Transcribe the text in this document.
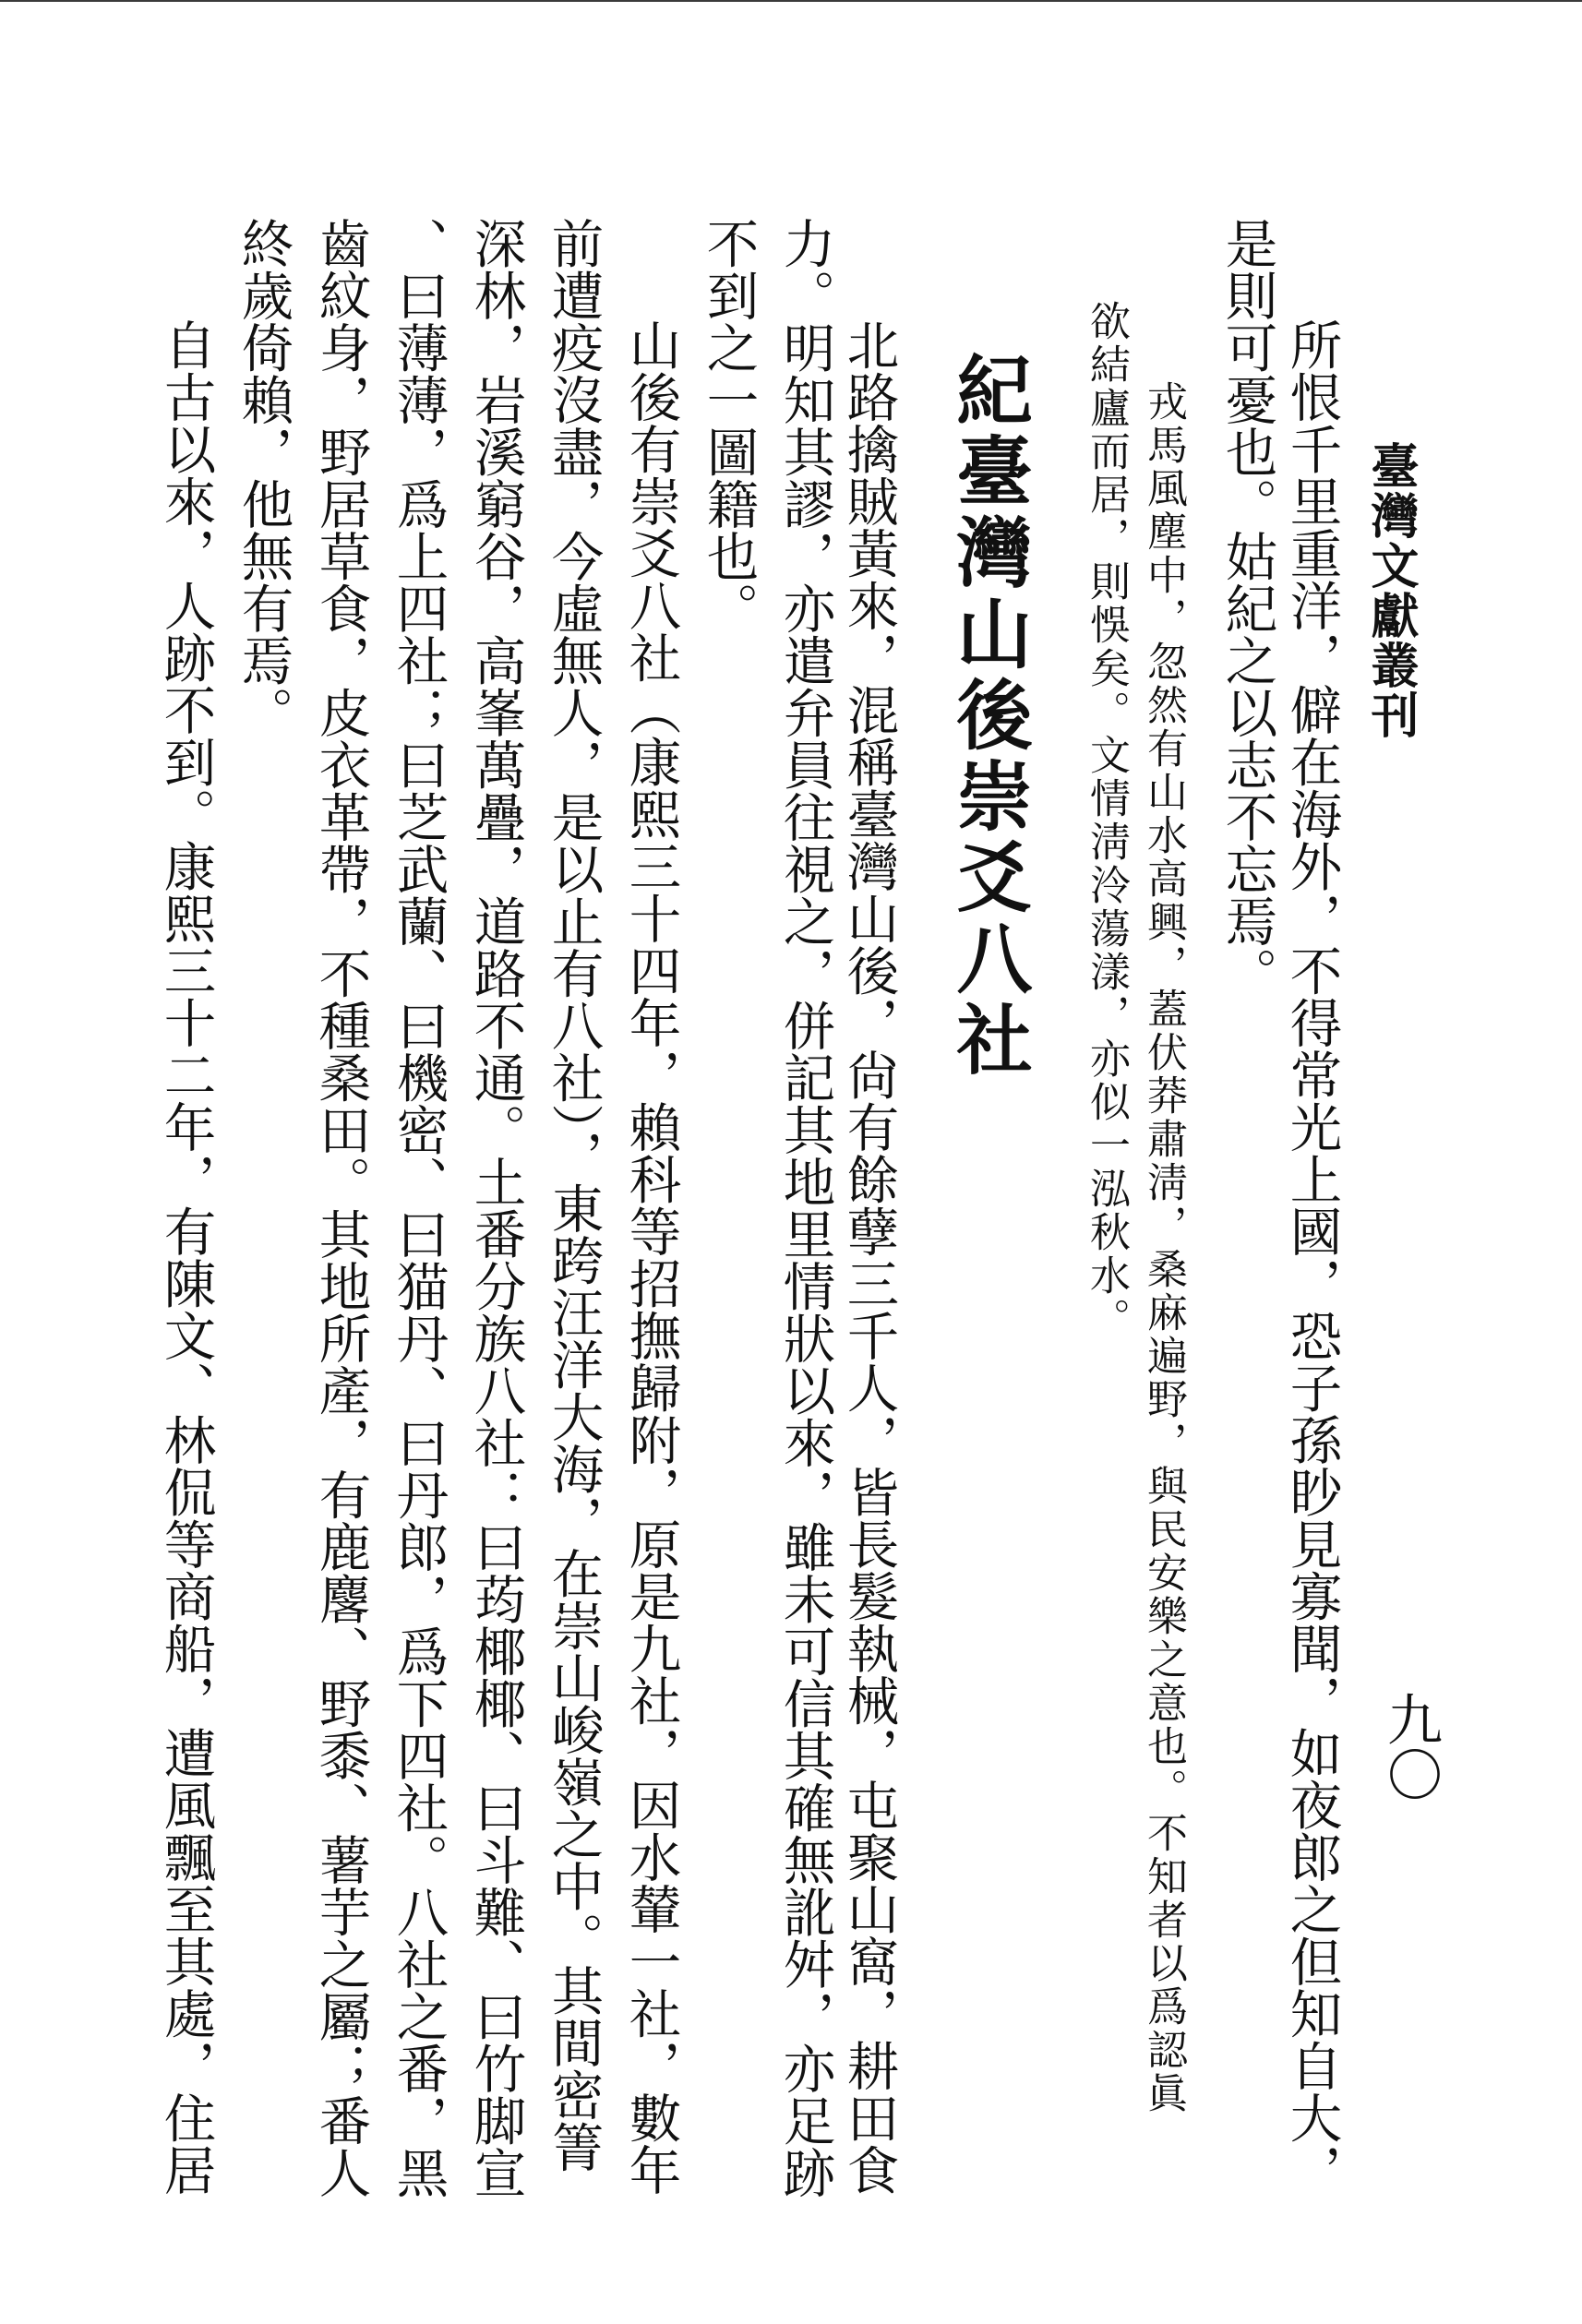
臺灣文獻叢刊
九〇
所恨千里重洋，僻在海外，不得常光上國，恐子孫眇見寡聞，如夜郎之但知自大，
是則可憂也。姑紀之以志不忘焉。
戎馬風塵中，忽然有山水高興，蓋伏莽肅淸，桑麻遍野，與民安樂之意也。不知者以爲認眞
欲結廬而居，則悞矣。文情淸泠蕩漾，亦似一泓秋水。
紀臺灣山後崇爻八社
北路擒賊黃來，混稱臺灣山後，尙有餘孽三千人，皆長髮執械，屯聚山窩，耕田食
力。明知其謬，亦遣弁員往視之，併記其地里情狀以來，雖未可信其確無訛舛，亦足跡
不到之一圖籍也。
山後有崇爻八社（康熙三十四年，賴科等招撫歸附，原是九社，因水輦一社，數年
前遭疫沒盡，今虛無人，是以止有八社），東跨汪洋大海，在崇山峻嶺之中。其間密箐
深林，岩溪窮谷，高峯萬疊，道路不通。土番分族八社：曰荺椰椰、曰斗難、曰竹脚宣
、曰薄薄，爲上四社；曰芝武蘭、曰機密、曰猫丹、曰丹郎，爲下四社。八社之番，黑
齒紋身，野居草食，皮衣革帶，不種桑田。其地所產，有鹿麐、野黍、薯芋之屬；番人
終歲倚賴，他無有焉。
自古以來，人跡不到。康熙三十二年，有陳文、林侃等商船，遭風飄至其處，住居
